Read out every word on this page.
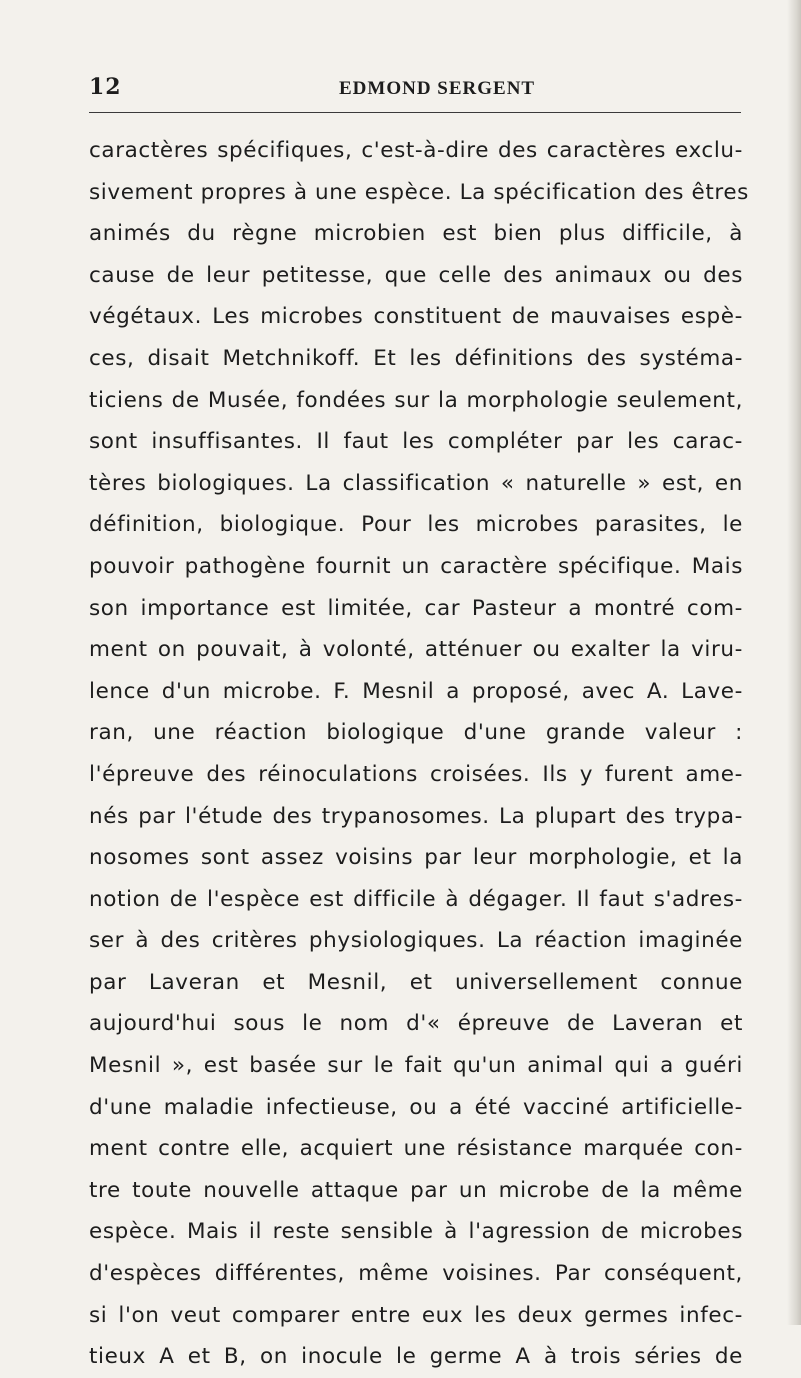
12	EDMOND SERGENT
caractères spécifiques, c'est-à-dire des caractères exclu-
sivement propres à une espèce. La spécification des êtres
animés du règne microbien est bien plus difficile, à
cause de leur petitesse, que celle des animaux ou des
végétaux. Les microbes constituent de mauvaises espè-
ces, disait Metchnikoff. Et les définitions des systéma-
ticiens de Musée, fondées sur la morphologie seulement,
sont insuffisantes. Il faut les compléter par les carac-
tères biologiques. La classification « naturelle » est, en
définition, biologique. Pour les microbes parasites, le
pouvoir pathogène fournit un caractère spécifique. Mais
son importance est limitée, car Pasteur a montré com-
ment on pouvait, à volonté, atténuer ou exalter la viru-
lence d'un microbe. F. Mesnil a proposé, avec A. Lave-
ran, une réaction biologique d'une grande valeur :
l'épreuve des réinoculations croisées. Ils y furent ame-
nés par l'étude des trypanosomes. La plupart des trypa-
nosomes sont assez voisins par leur morphologie, et la
notion de l'espèce est difficile à dégager. Il faut s'adres-
ser à des critères physiologiques. La réaction imaginée
par Laveran et Mesnil, et universellement connue
aujourd'hui sous le nom d'« épreuve de Laveran et
Mesnil », est basée sur le fait qu'un animal qui a guéri
d'une maladie infectieuse, ou a été vacciné artificielle-
ment contre elle, acquiert une résistance marquée con-
tre toute nouvelle attaque par un microbe de la même
espèce. Mais il reste sensible à l'agression de microbes
d'espèces différentes, même voisines. Par conséquent,
si l'on veut comparer entre eux les deux germes infec-
tieux A et B, on inocule le germe A à trois séries de
